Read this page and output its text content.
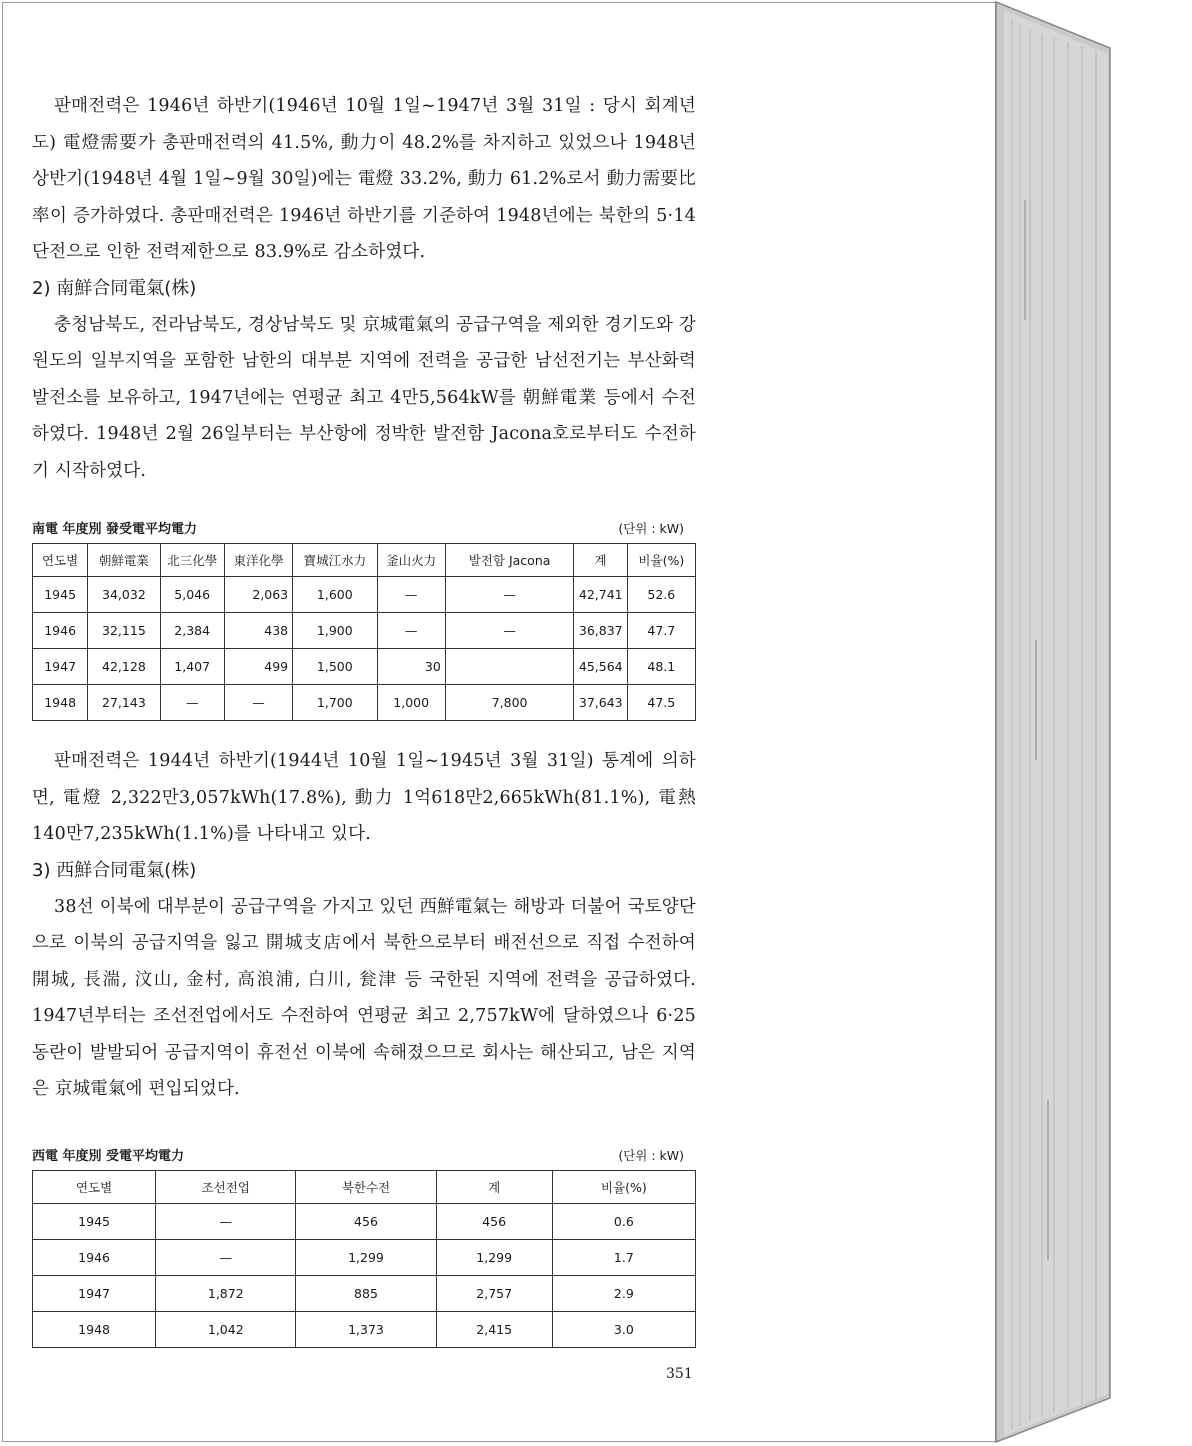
판매전력은 1946년 하반기(1946년 10월 1일~1947년 3월 31일 : 당시 회계년도) 電燈需要가 총판매전력의 41.5%, 動力이 48.2%를 차지하고 있었으나 1948년 상반기(1948년 4월 1일~9월 30일)에는 電燈 33.2%, 動力 61.2%로서 動力需要比率이 증가하였다. 총판매전력은 1946년 하반기를 기준하여 1948년에는 북한의 5·14단전으로 인한 전력제한으로 83.9%로 감소하였다.

2) 南鮮合同電氣(株)

충청남북도, 전라남북도, 경상남북도 및 京城電氣의 공급구역을 제외한 경기도와 강원도의 일부지역을 포함한 남한의 대부분 지역에 전력을 공급한 남선전기는 부산화력발전소를 보유하고, 1947년에는 연평균 최고 4만5,564kW를 朝鮮電業 등에서 수전하였다. 1948년 2월 26일부터는 부산항에 정박한 발전함 Jacona호로부터도 수전하기 시작하였다.

南電 年度別 發受電平均電力	(단위 : kW)
연도별	朝鮮電業	北三化學	東洋化學	寶城江水力	釜山火力	발전함 Jacona	계	비율(%)
1945	34,032	5,046	2,063	1,600	—	—	42,741	52.6
1946	32,115	2,384	438	1,900	—	—	36,837	47.7
1947	42,128	1,407	499	1,500	30		45,564	48.1
1948	27,143	—	—	1,700	1,000	7,800	37,643	47.5

판매전력은 1944년 하반기(1944년 10월 1일~1945년 3월 31일) 통계에 의하면, 電燈 2,322만3,057kWh(17.8%), 動力 1억618만2,665kWh(81.1%), 電熱 140만7,235kWh(1.1%)를 나타내고 있다.

3) 西鮮合同電氣(株)

38선 이북에 대부분이 공급구역을 가지고 있던 西鮮電氣는 해방과 더불어 국토양단으로 이북의 공급지역을 잃고 開城支店에서 북한으로부터 배전선으로 직접 수전하여 開城, 長湍, 汶山, 金村, 高浪浦, 白川, 瓮津 등 국한된 지역에 전력을 공급하였다. 1947년부터는 조선전업에서도 수전하여 연평균 최고 2,757kW에 달하였으나 6·25동란이 발발되어 공급지역이 휴전선 이북에 속해졌으므로 회사는 해산되고, 남은 지역은 京城電氣에 편입되었다.

西電 年度別 受電平均電力	(단위 : kW)
연도별	조선전업	북한수전	계	비율(%)
1945	—	456	456	0.6
1946	—	1,299	1,299	1.7
1947	1,872	885	2,757	2.9
1948	1,042	1,373	2,415	3.0
351
